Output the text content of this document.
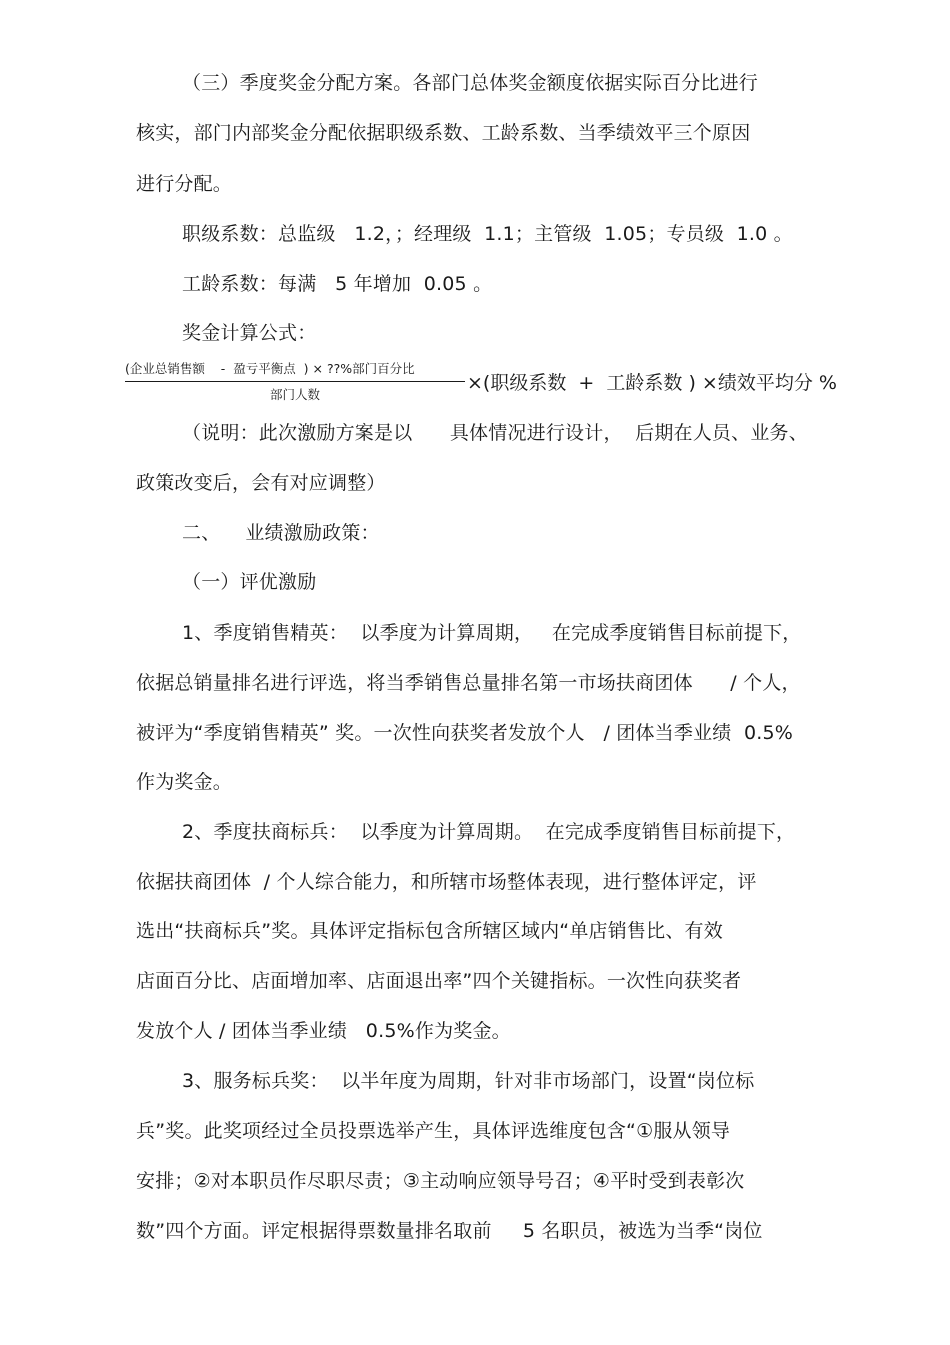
（三）季度奖金分配方案。各部门总体奖金额度依据实际百分比进行
核实，部门内部奖金分配依据职级系数、工龄系数、当季绩效平三个原因
进行分配。
职级系数：总监级   1.2，；经理级  1.1；主管级  1.05；专员级  1.0 。
工龄系数：每满   5 年增加  0.05 。
奖金计算公式：
(企业总销售额    -  盈亏平衡点  ) × ??%部门百分比
部门人数
×(职级系数  +  工龄系数 ) ×绩效平均分 %
（说明：此次激励方案是以      具体情况进行设计，  后期在人员、业务、
政策改变后，会有对应调整）
二、    业绩激励政策：
（一）评优激励
1、季度销售精英：  以季度为计算周期，   在完成季度销售目标前提下，
依据总销量排名进行评选，将当季销售总量排名第一市场扶商团体      / 个人，
被评为“季度销售精英” 奖。一次性向获奖者发放个人   / 团体当季业绩  0.5%
作为奖金。
2、季度扶商标兵：  以季度为计算周期。  在完成季度销售目标前提下，
依据扶商团体  / 个人综合能力，和所辖市场整体表现，进行整体评定，评
选出“扶商标兵”奖。具体评定指标包含所辖区域内“单店销售比、有效
店面百分比、店面增加率、店面退出率”四个关键指标。一次性向获奖者
发放个人 / 团体当季业绩   0.5%作为奖金。
3、服务标兵奖：  以半年度为周期，针对非市场部门，设置“岗位标
兵”奖。此奖项经过全员投票选举产生，具体评选维度包含“①服从领导
安排；②对本职员作尽职尽责；③主动响应领导号召；④平时受到表彰次
数”四个方面。评定根据得票数量排名取前     5 名职员，被选为当季“岗位
